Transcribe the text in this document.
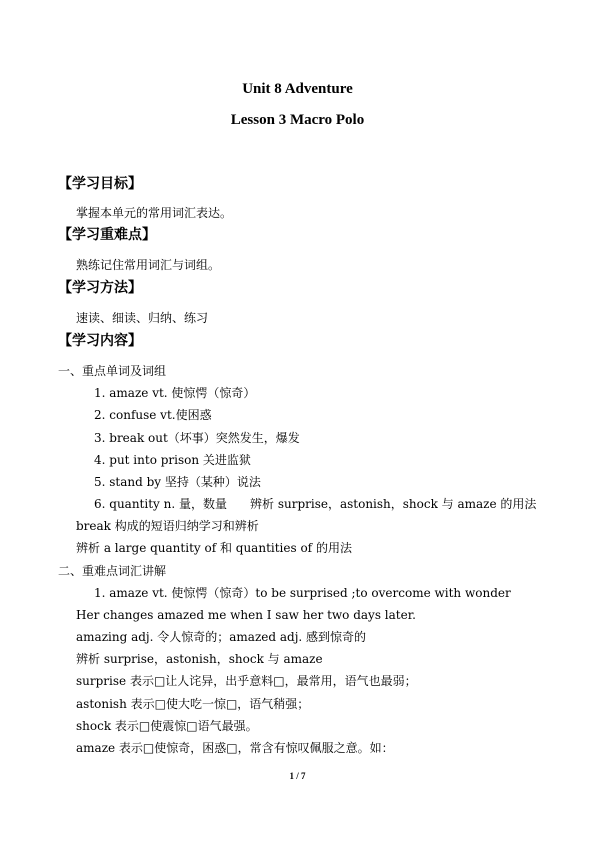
Unit 8 Adventure
Lesson 3 Macro Polo
【学习目标】
掌握本单元的常用词汇表达。
【学习重难点】
熟练记住常用词汇与词组。
【学习方法】
速读、细读、归纳、练习
【学习内容】
一、重点单词及词组
1. amaze vt. 使惊愕（惊奇）
2. confuse vt.使困惑
3. break out（坏事）突然发生，爆发
4. put into prison 关进监狱
5. stand by 坚持（某种）说法
6. quantity n. 量，数量 辨析 surprise，astonish，shock 与 amaze 的用法
break 构成的短语归纳学习和辨析
辨析 a large quantity of 和 quantities of 的用法
二、重难点词汇讲解
1. amaze vt. 使惊愕（惊奇）to be surprised ;to overcome with wonder
Her changes amazed me when I saw her two days later.
amazing adj. 令人惊奇的；amazed adj. 感到惊奇的
辨析 surprise，astonish，shock 与 amaze
surprise 表示□让人诧异，出乎意料□，最常用，语气也最弱；
astonish 表示□使大吃一惊□，语气稍强；
shock 表示□使震惊□语气最强。
amaze 表示□使惊奇，困惑□，常含有惊叹佩服之意。如：
1 / 7
